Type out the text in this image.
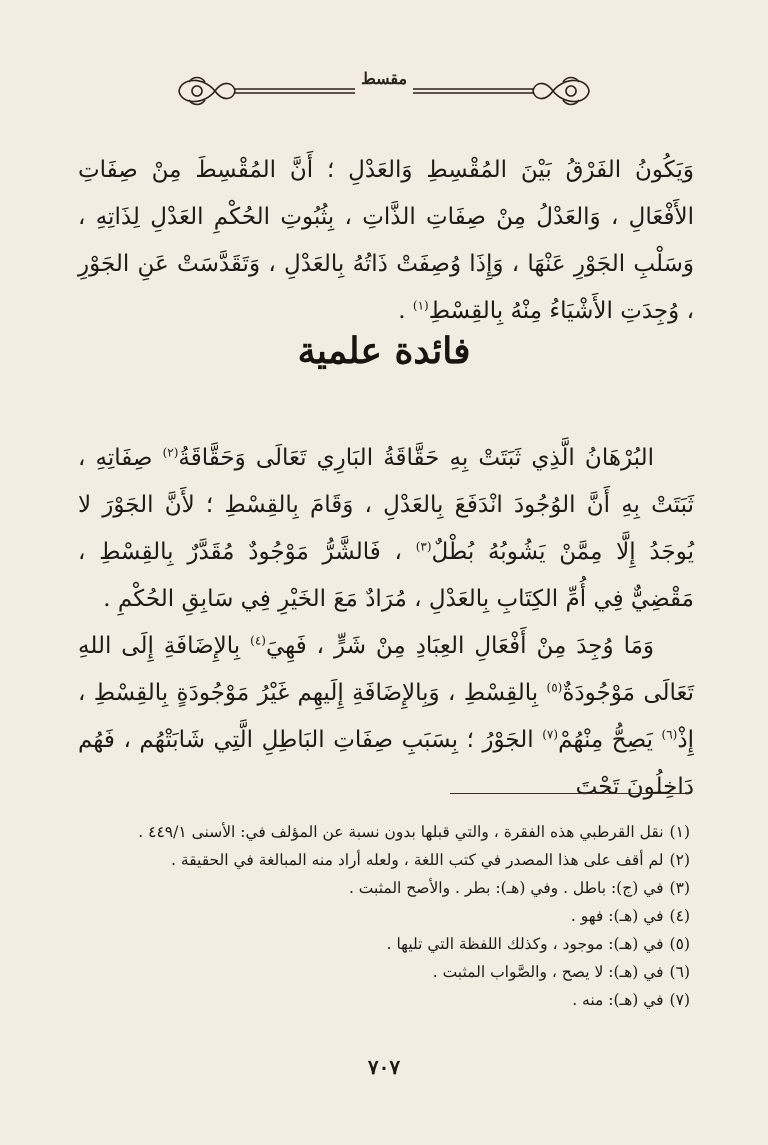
مقسط

وَيَكُونُ الفَرْقُ بَيْنَ المُقْسِطِ وَالعَدْلِ ؛ أَنَّ المُقْسِطَ مِنْ صِفَاتِ الأَفْعَالِ ، وَالعَدْلُ مِنْ صِفَاتِ الذَّاتِ ، بِثُبُوتِ الحُكْمِ العَدْلِ لِذَاتِهِ ، وَسَلْبِ الجَوْرِ عَنْهَا ، وَإِذَا وُصِفَتْ ذَاتُهُ بِالعَدْلِ ، وَتَقَدَّسَتْ عَنِ الجَوْرِ ، وُجِدَتِ الأَشْيَاءُ مِنْهُ بِالقِسْطِ$^{(١)}$ .

فائدة علمية

البُرْهَانُ الَّذِي ثَبَتَتْ بِهِ حَقَّاقَةُ البَارِي تَعَالَى وَحَقَّاقَةُ$^{(٢)}$ صِفَاتِهِ ، ثَبَتَتْ بِهِ أَنَّ الوُجُودَ انْدَفَعَ بِالعَدْلِ ، وَقَامَ بِالقِسْطِ ؛ لأَنَّ الجَوْرَ لا يُوجَدُ إِلَّا مِمَّنْ يَشُوبُهُ بُطْلٌ$^{(٣)}$ ، فَالشَّرُّ مَوْجُودٌ مُقَدَّرٌ بِالقِسْطِ ، مَقْضِيٌّ فِي أُمِّ الكِتَابِ بِالعَدْلِ ، مُرَادٌ مَعَ الخَيْرِ فِي سَابِقِ الحُكْمِ .

وَمَا وُجِدَ مِنْ أَفْعَالِ العِبَادِ مِنْ شَرٍّ ، فَهِيَ$^{(٤)}$ بِالإِضَافَةِ إِلَى اللهِ تَعَالَى مَوْجُودَةٌ$^{(٥)}$ بِالقِسْطِ ، وَبِالإِضَافَةِ إِلَيهِم غَيْرُ مَوْجُودَةٍ بِالقِسْطِ ، إِذْ$^{(٦)}$ يَصِحُّ مِنْهُمْ$^{(٧)}$ الجَوْرُ ؛ بِسَبَبِ صِفَاتِ البَاطِلِ الَّتِي شَابَتْهُم ، فَهُم دَاخِلُونَ تَحْتَ

(١)نقل القرطبي هذه الفقرة ، والتي قبلها بدون نسبة عن المؤلف في: الأسنى ٤٤٩/١ .
(٢)لم أقف على هذا المصدر في كتب اللغة ، ولعله أراد منه المبالغة في الحقيقة .
(٣)في (ج): باطل . وفي (هـ): بطر . والأصح المثبت .
(٤)في (هـ): فهو .
(٥)في (هـ): موجود ، وكذلك اللفظة التي تليها .
(٦)في (هـ): لا يصح ، والصَّواب المثبت .
(٧)في (هـ): منه .
٧٠٧
